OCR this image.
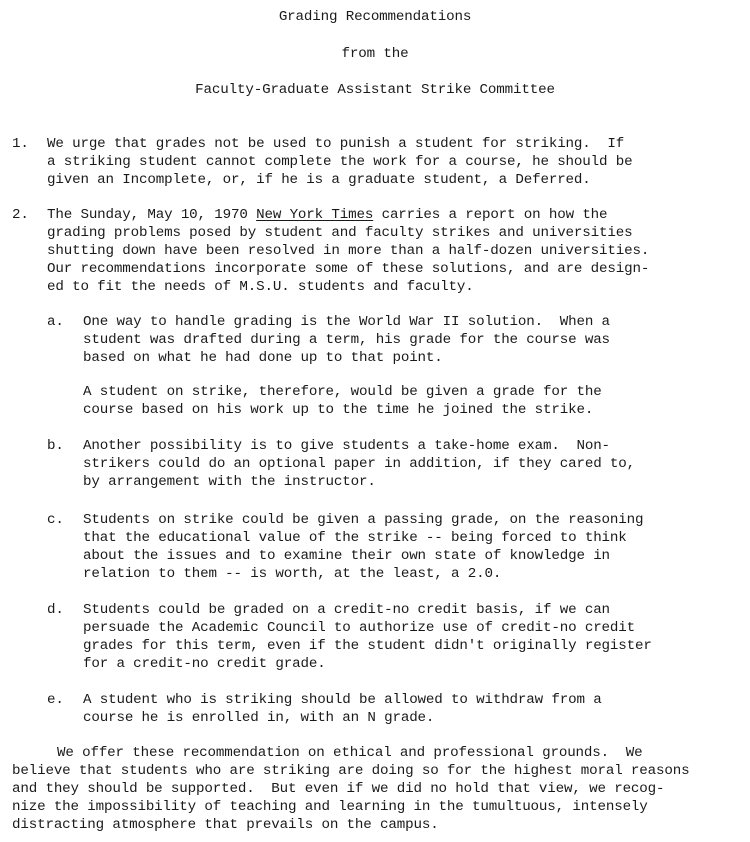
Grading Recommendations
from the
Faculty-Graduate Assistant Strike Committee
1. We urge that grades not be used to punish a student for striking.  If
a striking student cannot complete the work for a course, he should be
given an Incomplete, or, if he is a graduate student, a Deferred.
2. The Sunday, May 10, 1970 New York Times carries a report on how the
grading problems posed by student and faculty strikes and universities
shutting down have been resolved in more than a half-dozen universities.
Our recommendations incorporate some of these solutions, and are design-
ed to fit the needs of M.S.U. students and faculty.
a. One way to handle grading is the World War II solution.  When a
student was drafted during a term, his grade for the course was
based on what he had done up to that point.
A student on strike, therefore, would be given a grade for the
course based on his work up to the time he joined the strike.
b. Another possibility is to give students a take-home exam.  Non-
strikers could do an optional paper in addition, if they cared to,
by arrangement with the instructor.
c. Students on strike could be given a passing grade, on the reasoning
that the educational value of the strike -- being forced to think
about the issues and to examine their own state of knowledge in
relation to them -- is worth, at the least, a 2.0.
d. Students could be graded on a credit-no credit basis, if we can
persuade the Academic Council to authorize use of credit-no credit
grades for this term, even if the student didn't originally register
for a credit-no credit grade.
e. A student who is striking should be allowed to withdraw from a
course he is enrolled in, with an N grade.
We offer these recommendation on ethical and professional grounds.  We
believe that students who are striking are doing so for the highest moral reasons
and they should be supported.  But even if we did no hold that view, we recog-
nize the impossibility of teaching and learning in the tumultuous, intensely
distracting atmosphere that prevails on the campus.
